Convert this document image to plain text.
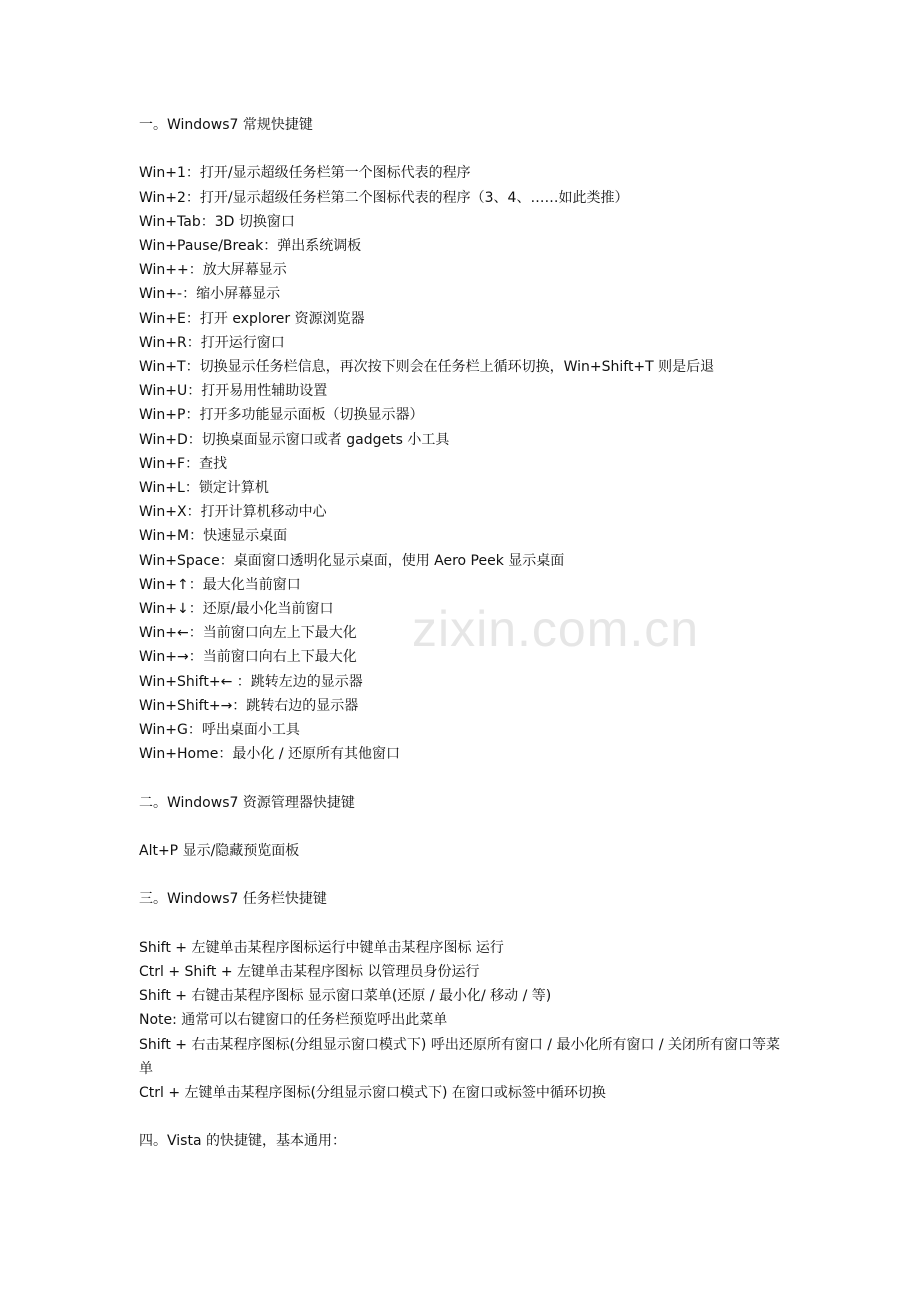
zixin.com.cn
一。Windows7 常规快捷键
Win+1：打开/显示超级任务栏第一个图标代表的程序
Win+2：打开/显示超级任务栏第二个图标代表的程序（3、4、……如此类推）
Win+Tab：3D 切换窗口
Win+Pause/Break：弹出系统调板
Win++：放大屏幕显示
Win+-：缩小屏幕显示
Win+E：打开 explorer 资源浏览器
Win+R：打开运行窗口
Win+T：切换显示任务栏信息，再次按下则会在任务栏上循环切换，Win+Shift+T 则是后退
Win+U：打开易用性辅助设置
Win+P：打开多功能显示面板（切换显示器）
Win+D：切换桌面显示窗口或者 gadgets 小工具
Win+F：查找
Win+L：锁定计算机
Win+X：打开计算机移动中心
Win+M：快速显示桌面
Win+Space：桌面窗口透明化显示桌面，使用 Aero Peek 显示桌面
Win+↑：最大化当前窗口
Win+↓：还原/最小化当前窗口
Win+←：当前窗口向左上下最大化
Win+→：当前窗口向右上下最大化
Win+Shift+← ：跳转左边的显示器
Win+Shift+→：跳转右边的显示器
Win+G：呼出桌面小工具
Win+Home：最小化 / 还原所有其他窗口
二。Windows7 资源管理器快捷键
Alt+P 显示/隐藏预览面板
三。Windows7 任务栏快捷键
Shift + 左键单击某程序图标运行中键单击某程序图标 运行
Ctrl + Shift + 左键单击某程序图标 以管理员身份运行
Shift + 右键击某程序图标 显示窗口菜单(还原 / 最小化/ 移动 / 等)
Note: 通常可以右键窗口的任务栏预览呼出此菜单
Shift + 右击某程序图标(分组显示窗口模式下) 呼出还原所有窗口 / 最小化所有窗口 / 关闭所有窗口等菜单
Ctrl + 左键单击某程序图标(分组显示窗口模式下) 在窗口或标签中循环切换
四。Vista 的快捷键，基本通用：
